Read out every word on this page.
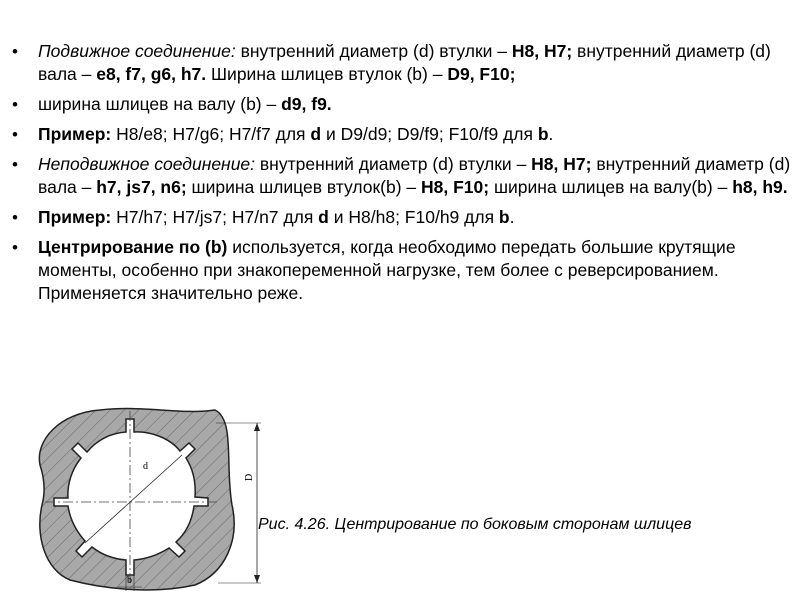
• Подвижное соединение: внутренний диаметр (d) втулки – H8, H7; внутренний диаметр (d) вала – e8, f7, g6, h7. Ширина шлицев втулок (b) – D9, F10;
• ширина шлицев на валу (b) – d9, f9.
• Пример: H8/e8; H7/g6; H7/f7 для d и D9/d9; D9/f9; F10/f9 для b.
• Неподвижное соединение: внутренний диаметр (d) втулки – H8, H7; внутренний диаметр (d) вала – h7, js7, n6; ширина шлицев втулок(b) – H8, F10; ширина шлицев на валу(b) – h8, h9.
• Пример: H7/h7; H7/js7; H7/n7 для d и H8/h8; F10/h9 для b.
• Центрирование по (b) используется, когда необходимо передать большие крутящие моменты, особенно при знакопеременной нагрузке, тем более с реверсированием. Применяется значительно реже.
d
D
b
Рис. 4.26. Центрирование по боковым сторонам шлицев
